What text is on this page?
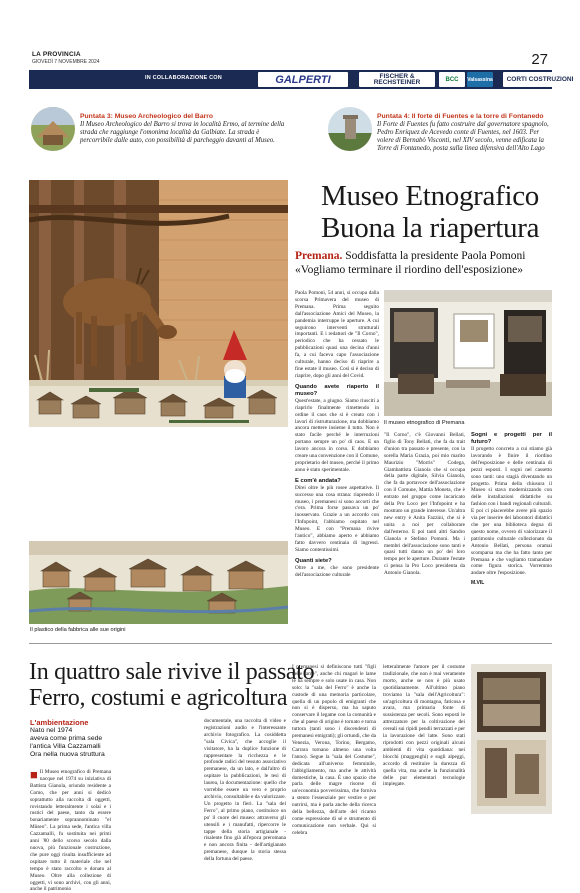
LA PROVINCIA
GIOVEDÌ 7 NOVEMBRE 2024	27
IN COLLABORAZIONE CON	GALPERTI	FISCHER & RECHSTEINER	BCC	Valsassina	CORTI COSTRUZIONI
Puntata 3: Museo Archeologico del Barro
Il Museo Archeologico del Barro si trova in località Ermo, al termine della strada che raggiunge l'omonima località da Galbiate. La strada è percorribile dalle auto, con possibilità di parcheggio davanti al Museo.
Puntata 4: Il forte di Fuentes e la torre di Fontanedo
Il Forte di Fuentes fu fatto costruire dal governatore spagnolo, Pedro Enríquez de Acevedo conte di Fuentes, nel 1603. Per volere di Bernabò Visconti, nel XIV secolo, venne edificata la Torre di Fontanedo, posta sulla linea difensiva dell'Alto Lago
Il plastico della fabbrica alle sue origini
Museo Etnografico
Buona la riapertura
Premana. Soddisfatta la presidente Paola Pomoni
«Vogliamo terminare il riordino dell'esposizione»
Paola Pomoni, 54 anni, si occupa dalla scorsa Primavera del museo di Premana. Prima seguito dall'associazione Amici del Museo, la pandemia interruppe le aperture. A cui seguirono interventi strutturali importanti. E i redattori de "Il Corno", periodico che ha cessato le pubblicazioni quasi una decina d'anni fa, a cui faceva capo l'associazione culturale, hanno deciso di riaprire a fine estate il museo. Così si è deciso di riaprire, dopo gli anni del Covid.
Quando avete riaperto il museo?
Quest'estate, a giugno. Siamo riusciti a riaprirlo finalmente rimettendo in ordine il caos che si è creato con i lavori di ristrutturazione, ma dobbiamo ancora mettere insieme il tutto. Non è stato facile perché le interruzioni portano sempre un po' di caos. E un lavoro ancora in corso. E dobbiamo creare una convenzione con il Comune, proprietario del museo, perché il primo anno è stato sperimentale.
E com'è andata?
Direi oltre le più rosee aspettative. Il successo una cosa strana: riaprendo il museo, i premanesi si sono accorti che c'era. Prima forse passava un po' inosservato. Grazie a un accordo con l'Infopoint, l'abbiamo ospitato nel Museo. E con "Premana rivive l'antico", abbiamo aperto e abbiamo fatto davvero centinaia di ingressi. Siamo contentissimi.
Quanti siete?
Oltre a me, che sono presidente dell'associazione culturale
Il museo etnografico di Premana
"Il Corno", c'è Giovanni Bellati, figlio di Tony Bellati, che fa da trait d'union tra passato e presente, con la sorella Maria Grazia, poi mio marito Maurizio "Morris" Codega, Giambattista Gianola che si occupa della parte digitale, Silvia Gianola, che fa da portavoce dell'associazione con il Comune, Mattia Moneta, che è entrato nel gruppo come incaricato della Pro Loco per l'Infopoint e ha mostrato un grande interesse. Un'altra new entry è Anita Fazzini, che si è unita a noi per collaborare dall'esterno. E poi tanti altri Sandro Gianola e Stefano Pomoni. Ma i membri dell'associazione sono tanti e quasi tutti danno un po' del loro tempo per le aperture. Durante l'estate ci pensa la Pro Loco presidenta da Antonio Gianola.
Sogni e progetti per il futuro?
Il progetto concreto a cui stiamo già lavorando è finire il riordino dell'esposizione e delle centinaia di pezzi esposti. I sogni nel cassetto sono tanti: uno stagià diventando un progetto. Prima della chiusura il Museo si stava modernizzando con delle installazioni didattiche su fashion con i bandi regionali culturali. E poi ci piacerebbe avere più spazio via per inserire dei laboratori didattici che per una biblioteca degna di questo nome, ovvero di valorizzare il patrimonio culturale collezionato da Antonio Bellati, persona oramai scomparsa ma che ha fatto tanto per Premana e che vogliamo tramandare come figura storica. Vorremmo andare oltre l'esposizione.
M.VIL
In quattro sale rivive il passato
Ferro, costumi e agricoltura
L'ambientazione
Nato nel 1974
aveva come prima sede
l'antica Villa Cazzamalli
Ora nella nuova struttura
■ Il Museo etnografico di Premana nacque nel 1974 su iniziativa di Battista Gianola, oriundo residente a Como, che per anni si dedicò soprattutto alla raccolta di oggetti, rovistando letteralmente i solai e i rustici del paese, tanto da essere bonariamente soprannominato "el Müseo". La prima sede, l'antica villa Cazzamalli, fu sostituita nei primi anni '80 dello scorso secolo dalla nuova, più funzionale costruzione, che pure oggi risulta insufficiente ad ospitare tutto il materiale che nel tempo è stato raccolto e donato al Museo. Oltre alla collezione di oggetti, vi sono archivi, con gli anni, anche il patrimonio
documentale, una raccolta di video e registrazioni audio e l'interessante archivio fotografico. La cosiddetta "sala Civica", che accoglie il visitatore, ha la duplice funzione di rappresentare la ricchezza e le profonde radici del tessuto associativo premanese, da un lato, e dall'altro di ospitare la pubblicazioni, le tesi di laurea, la documentazione: quello che vorrebbe essere un vero e proprio archivio, consultabile e da valorizzare. Un progetto in fieri. La "sala del Ferro", al primo piano, costituisce un po' il cuore del museo: attraverso gli utensili e i manufatti, ripercorre le tappe della storia artigianale - risalente fino già all'epoca preromana e non ancora finita - dell'artigianato premanese, dunque la storia stessa della fortuna del paese.
I premanesi si definiscono tutti "figli delle lame", anche chi magari le lame le ha sempre e solo usate in casa. Non solo: la "sala del Ferro" è anche la custode di una memoria particolare, quella di un popolo di emigranti che non si è disperso, ma ha saputo conservare il legame con la comunità e che al paese di origine è tornato e torna tuttora (tanti sono i discendenti di premanesi emigrati); gli ortundi, che da Venezia, Verona, Torino, Bergamo, Carrara tornano almeno una volta l'anno). Segue la "sala del Costume", dedicata all'universo femminile, l'abbigliamento, ma anche le attività domestiche, la casa. È uno spazio che parla delle magre risorse di un'economia povverissima, che forniva a stento l'essenziale per vestire e per nutrirsi, ma è parla anche della ricerca della bellezza, dell'arte del ricamo come espressione di sé e strumento di comunicazione non verbale. Qui si celebra
letteralmente l'amore per il costume tradizionale, che non è mai veramente morto, anche se non è più usato quotidianamente. All'ultimo piano troviamo la "sala dell'Agricoltura": un'agricoltura di montagna, faticosa e avara, ma primaria fonte di sussistenza per secoli. Sono esposti le attrezzature per la coltivazione dei cereali sui ripidi pendii terrazzati e per la lavorazione del latte. Sono stati riprodotti con pezzi originali alcuni ambienti di vita quotidiana: nei blocchi (maggenghi) e sugli alpeggi, accordo di restituire la durezza di quella vita, ma anche la funzionalità delle pur elementari tecnologie impiegate.
